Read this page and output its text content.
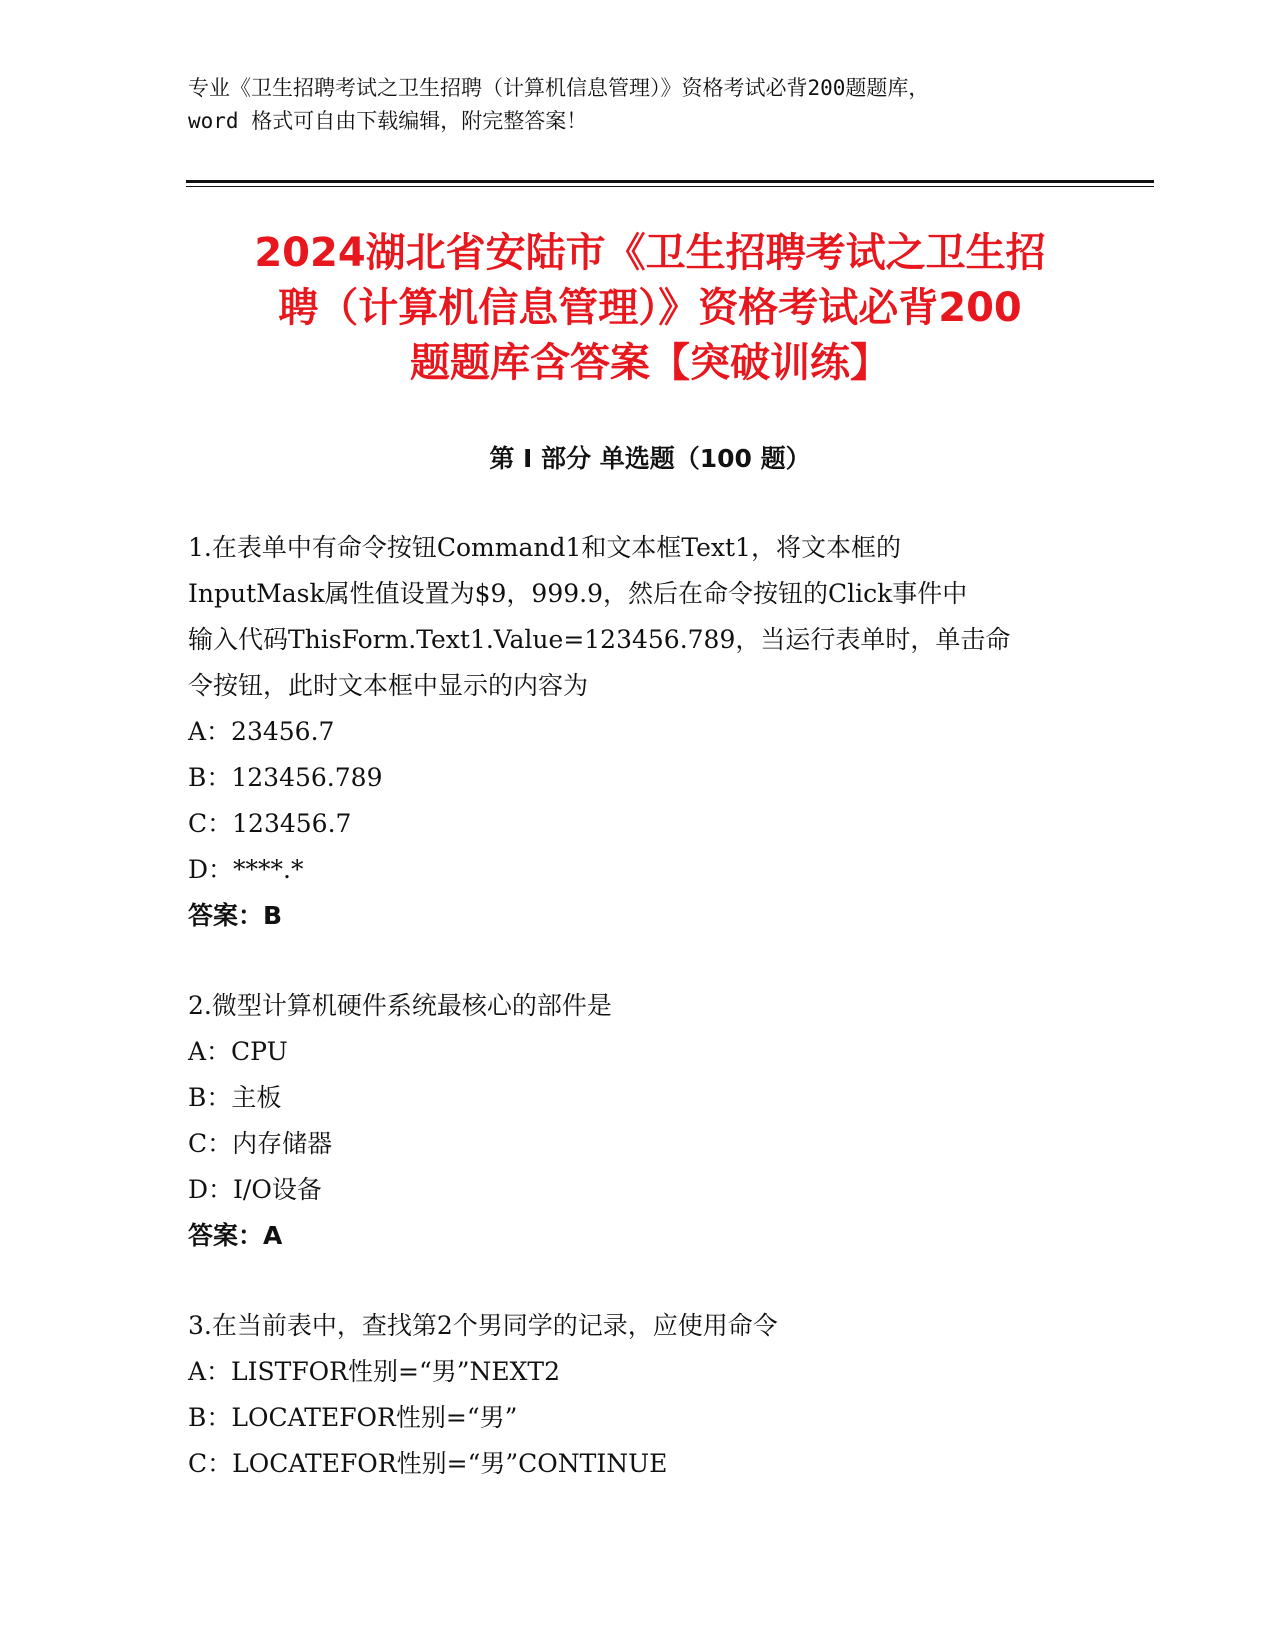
专业《卫生招聘考试之卫生招聘（计算机信息管理）》资格考试必背200题题库，
word 格式可自由下载编辑，附完整答案！
2024湖北省安陆市《卫生招聘考试之卫生招
聘（计算机信息管理）》资格考试必背200
题题库含答案【突破训练】
第 I 部分 单选题（100 题）
1.在表单中有命令按钮Command1和文本框Text1，将文本框的
InputMask属性值设置为$9，999.9，然后在命令按钮的Click事件中
输入代码ThisForm.Text1.Value=123456.789，当运行表单时，单击命
令按钮，此时文本框中显示的内容为
A：23456.7
B：123456.789
C：123456.7
D：****.*
答案：B
2.微型计算机硬件系统最核心的部件是
A：CPU
B：主板
C：内存储器
D：I/O设备
答案：A
3.在当前表中，查找第2个男同学的记录，应使用命令
A：LISTFOR性别=“男”NEXT2
B：LOCATEFOR性别=“男”
C：LOCATEFOR性别=“男”CONTINUE
